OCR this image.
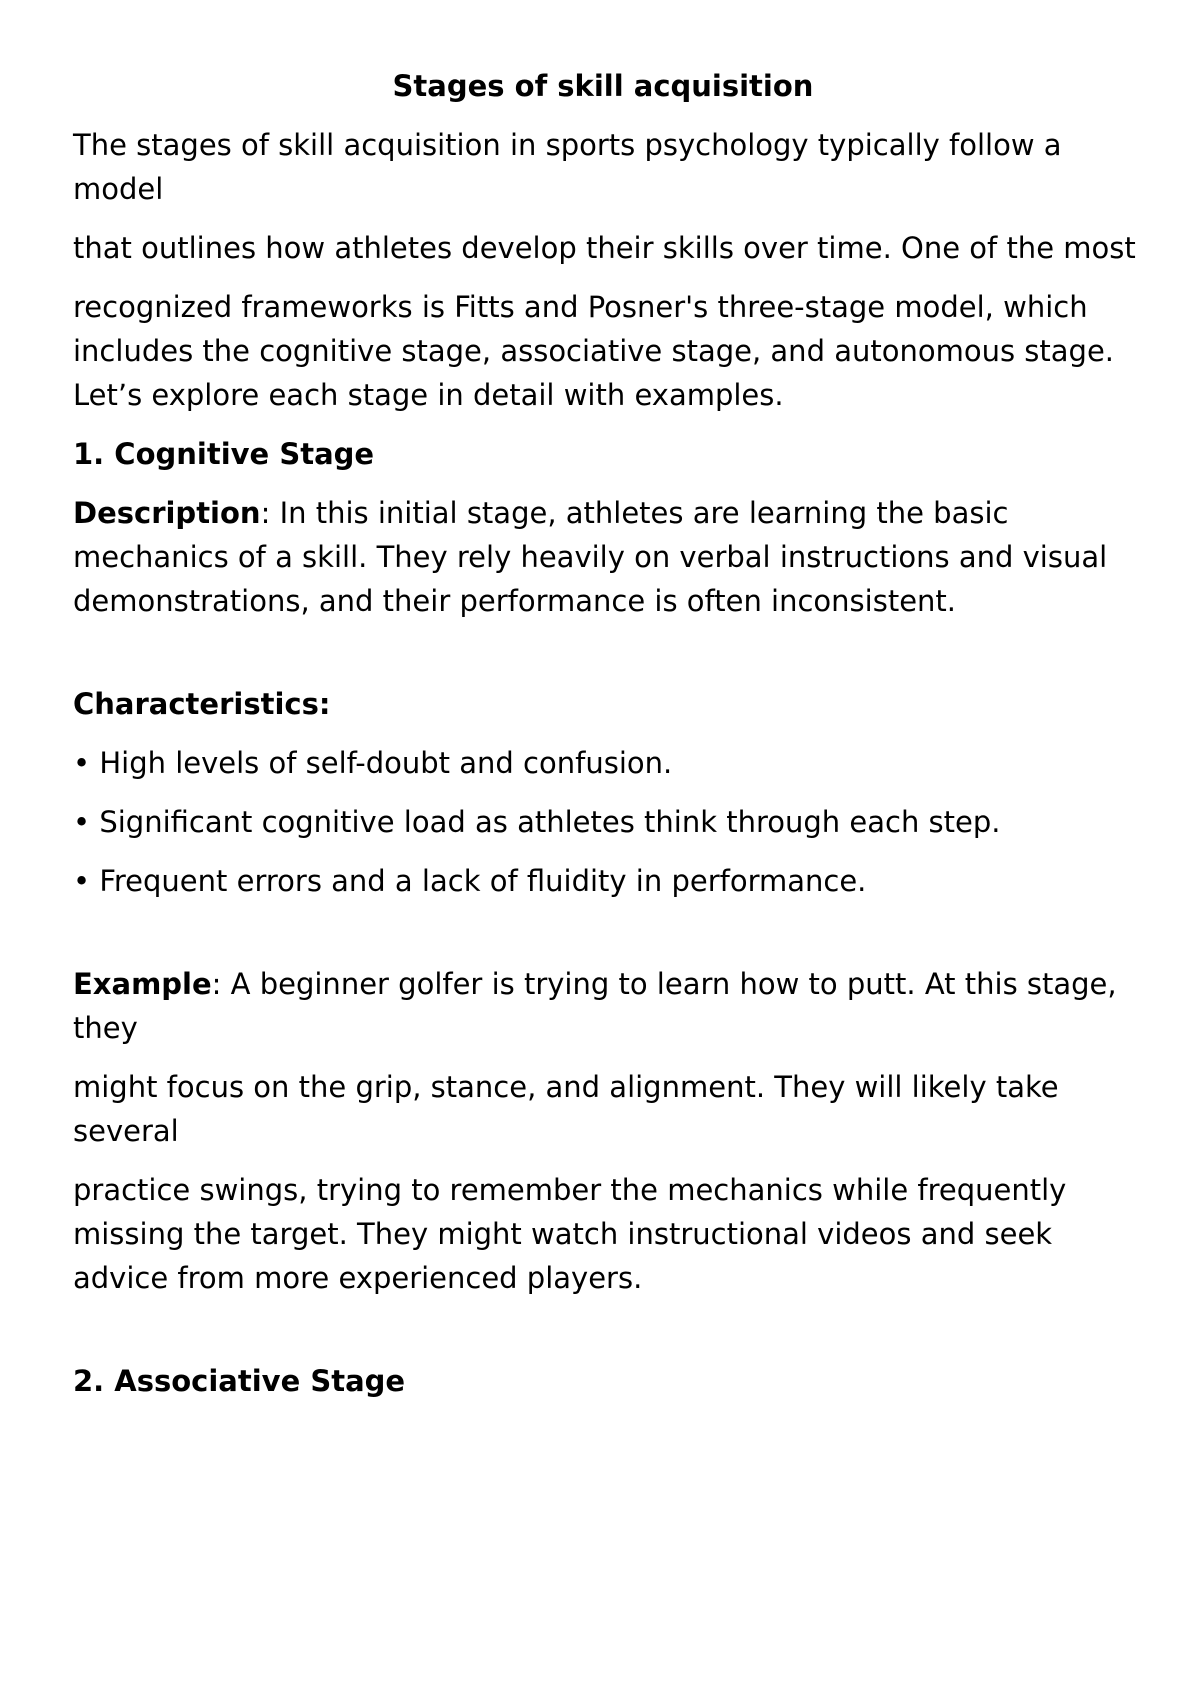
Stages of skill acquisition

The stages of skill acquisition in sports psychology typically follow a model

that outlines how athletes develop their skills over time. One of the most

recognized frameworks is Fitts and Posner's three-stage model, which includes the cognitive stage, associative stage, and autonomous stage. Let’s explore each stage in detail with examples.

1. Cognitive Stage

Description: In this initial stage, athletes are learning the basic mechanics of a skill. They rely heavily on verbal instructions and visual demonstrations, and their performance is often inconsistent.

Characteristics:
• High levels of self-doubt and confusion.
• Significant cognitive load as athletes think through each step.
• Frequent errors and a lack of fluidity in performance.

Example: A beginner golfer is trying to learn how to putt. At this stage, they

might focus on the grip, stance, and alignment. They will likely take several

practice swings, trying to remember the mechanics while frequently missing the target. They might watch instructional videos and seek advice from more experienced players.

2. Associative Stage
